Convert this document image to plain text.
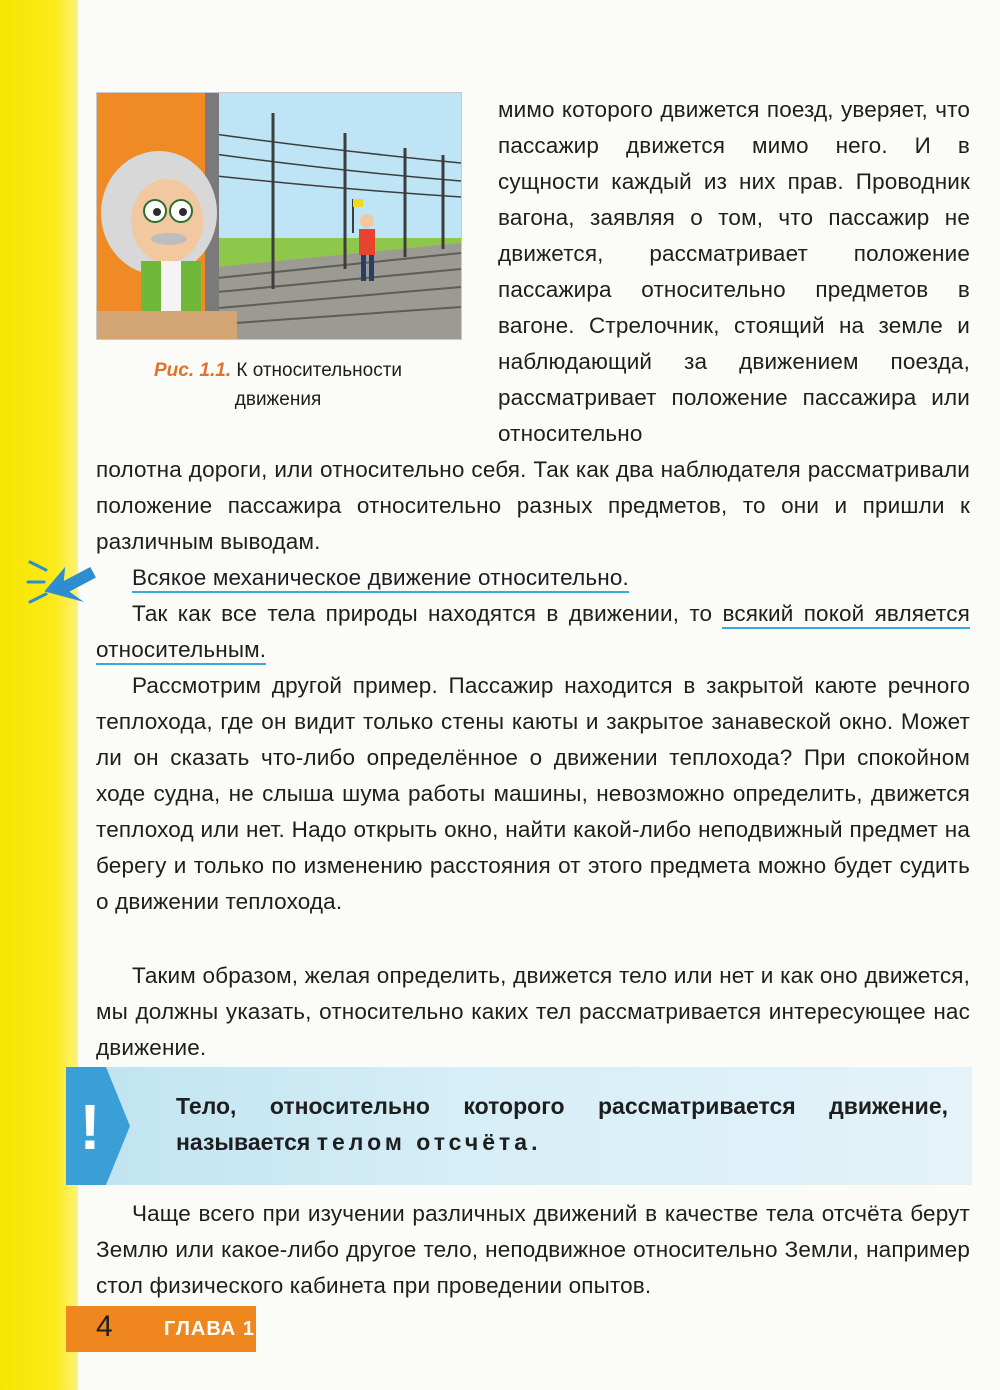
Рис. 1.1. К относительности
движения

мимо которого движется поезд, уверяет, что пассажир движется мимо него. И в сущности каждый из них прав. Проводник вагона, заявляя о том, что пассажир не движется, рассматривает положение пассажира относительно предметов в вагоне. Стрелочник, стоящий на земле и наблюдающий за движением поезда, рассматривает положение пассажира или относительно

полотна дороги, или относительно себя. Так как два наблюдателя рассматривали положение пассажира относительно разных предметов, то они и пришли к различным выводам.

Всякое механическое движение относительно.

Так как все тела природы находятся в движении, то всякий покой является относительным.

Рассмотрим другой пример. Пассажир находится в закрытой каюте речного теплохода, где он видит только стены каюты и закрытое занавеской окно. Может ли он сказать что-либо определённое о движении теплохода? При спокойном ходе судна, не слыша шума работы машины, невозможно определить, движется теплоход или нет. Надо открыть окно, найти какой-либо неподвижный предмет на берегу и только по изменению расстояния от этого предмета можно будет судить о движении теплохода.

Таким образом, желая определить, движется тело или нет и как оно движется, мы должны указать, относительно каких тел рассматривается интересующее нас движение.

!	Тело, относительно которого рассматривается движение, называется телом отсчёта.

Чаще всего при изучении различных движений в качестве тела отсчёта берут Землю или какое-либо другое тело, неподвижное относительно Земли, например стол физического кабинета при проведении опытов.

4	ГЛАВА 1
